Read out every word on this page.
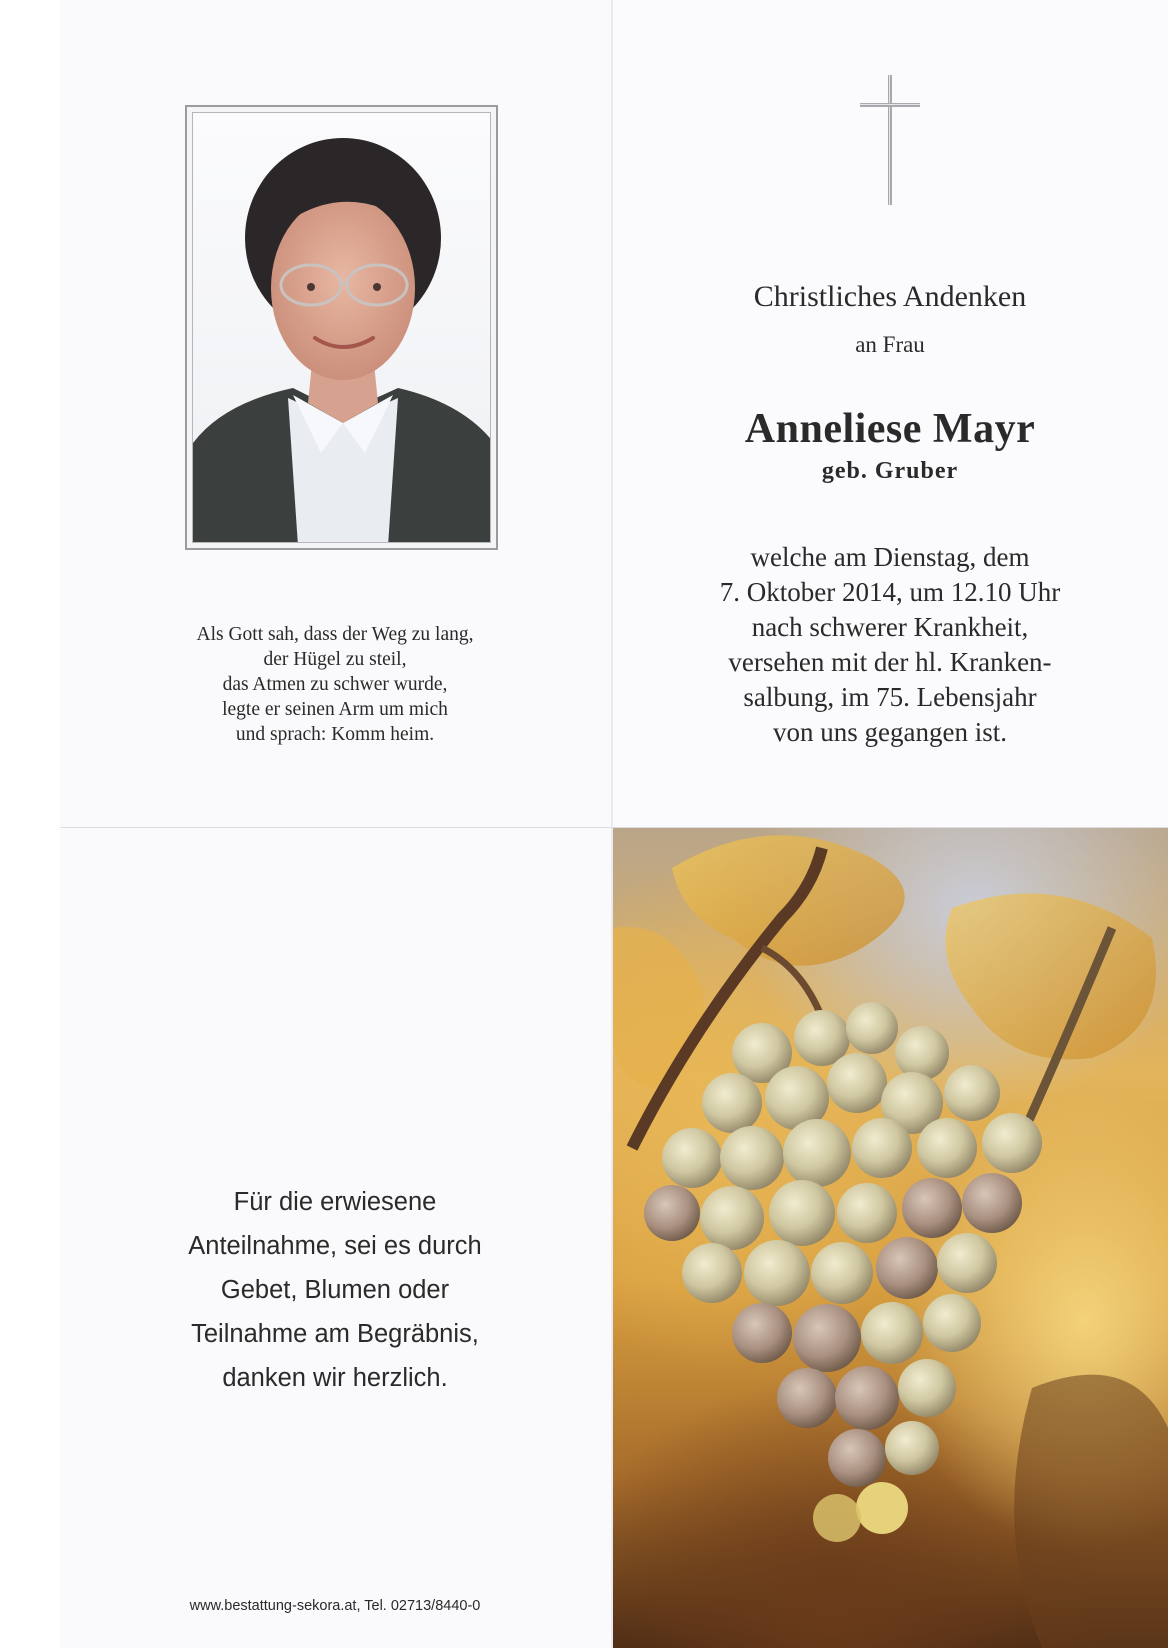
Als Gott sah, dass der Weg zu lang,
der Hügel zu steil,
das Atmen zu schwer wurde,
legte er seinen Arm um mich
und sprach: Komm heim.
Christliches Andenken
an Frau
Anneliese Mayr
geb. Gruber
welche am Dienstag, dem
7. Oktober 2014, um 12.10 Uhr
nach schwerer Krankheit,
versehen mit der hl. Kranken-
salbung, im 75. Lebensjahr
von uns gegangen ist.
Für die erwiesene
Anteilnahme, sei es durch
Gebet, Blumen oder
Teilnahme am Begräbnis,
danken wir herzlich.
www.bestattung-sekora.at, Tel. 02713/8440-0
